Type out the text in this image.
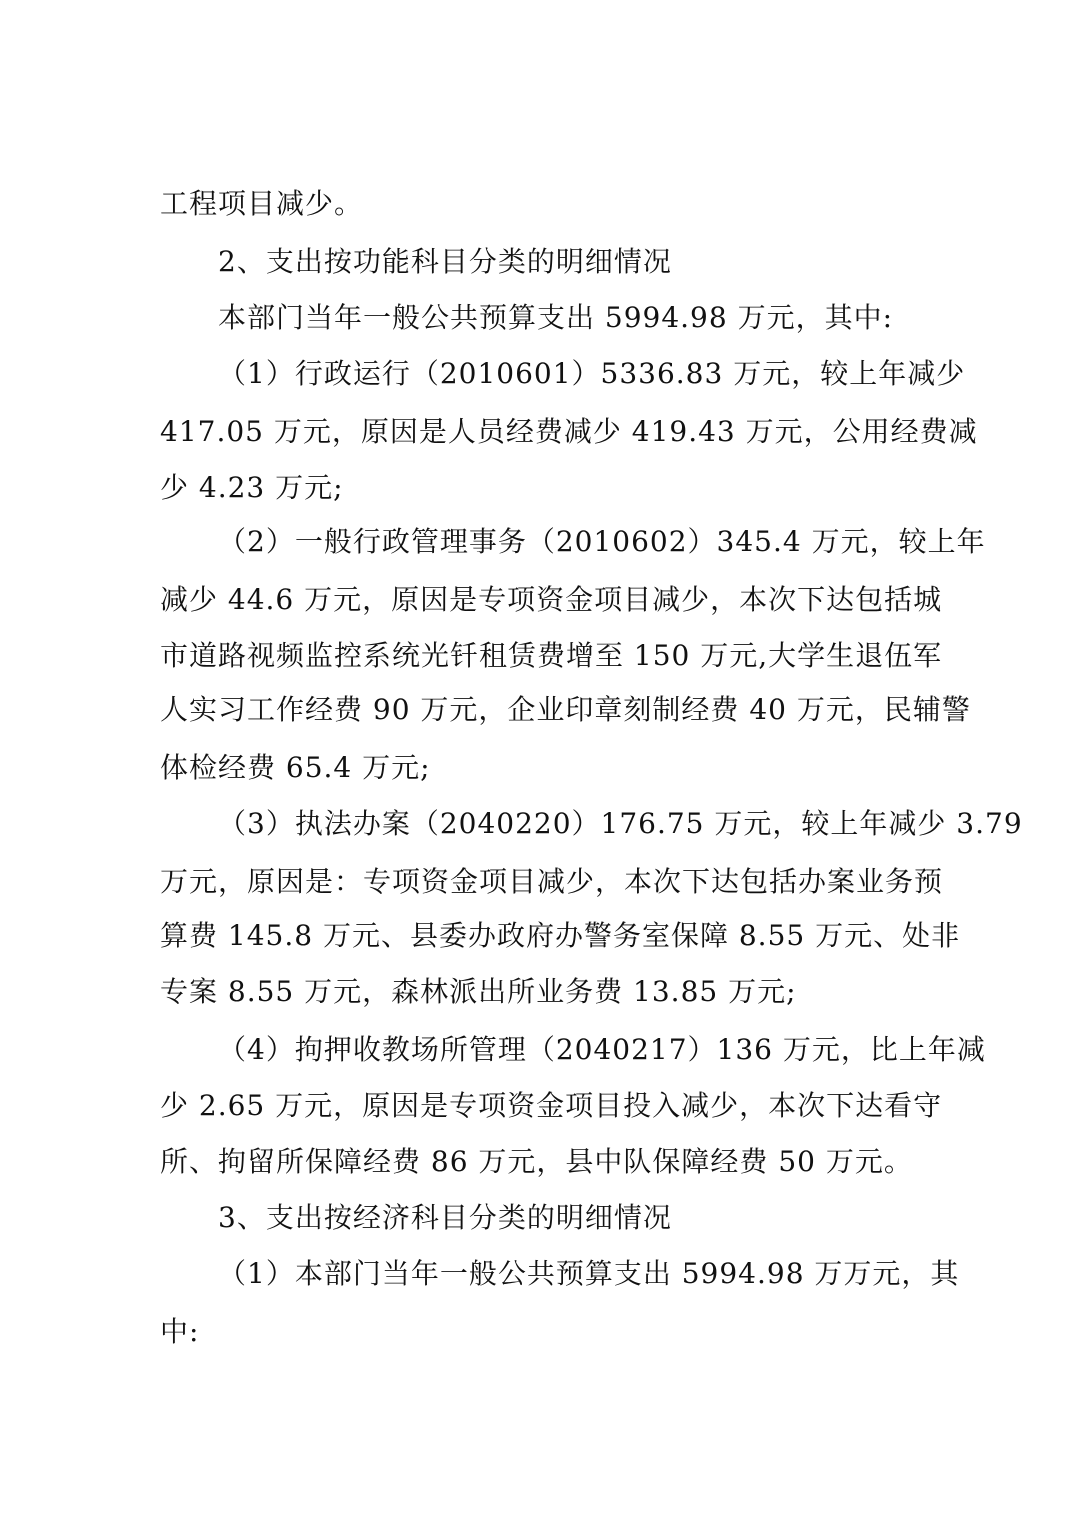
工程项目减少。
2、支出按功能科目分类的明细情况
本部门当年一般公共预算支出 5994.98 万元，其中:
（1）行政运行（2010601）5336.83 万元，较上年减少
417.05 万元，原因是人员经费减少 419.43 万元，公用经费减
少 4.23 万元;
（2）一般行政管理事务（2010602）345.4 万元，较上年
减少 44.6 万元，原因是专项资金项目减少，本次下达包括城
市道路视频监控系统光钎租赁费增至 150 万元,大学生退伍军
人实习工作经费 90 万元，企业印章刻制经费 40 万元，民辅警
体检经费 65.4 万元;
（3）执法办案（2040220）176.75 万元，较上年减少 3.79
万元，原因是：专项资金项目减少，本次下达包括办案业务预
算费 145.8 万元、县委办政府办警务室保障 8.55 万元、处非
专案 8.55 万元，森林派出所业务费 13.85 万元;
（4）拘押收教场所管理（2040217）136 万元，比上年减
少 2.65 万元，原因是专项资金项目投入减少，本次下达看守
所、拘留所保障经费 86 万元，县中队保障经费 50 万元。
3、支出按经济科目分类的明细情况
（1）本部门当年一般公共预算支出 5994.98 万万元，其
中:
